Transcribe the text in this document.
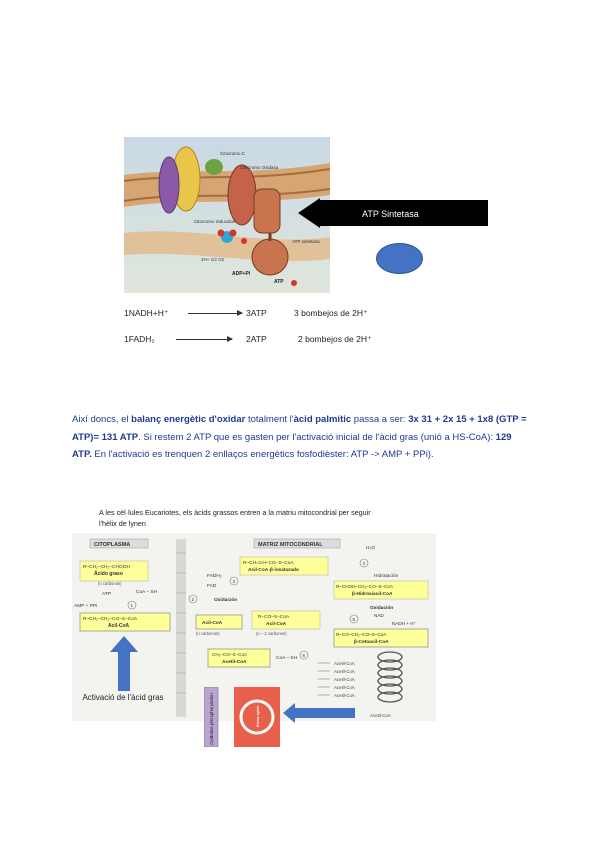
Citocromo C
Citocromo Oxidasa
Citocromo reducidos
ATP sintetasa
2H+ 1/2 O2
ADP+Pi
ATP
ATP Sintetasa
1NADH+H⁺	3ATP	3 bombejos de 2H⁺
1FADH₂	2ATP	2 bombejos de 2H⁺
Així doncs, el balanç energètic d'oxidar totalment l'àcid palmític passa a ser: 3x 31 + 2x 15 + 1x8 (GTP = ATP)= 131 ATP. Si restem 2 ATP que es gasten per l'activació inicial de l'àcid gras (unió a HS-CoA): 129 ATP. En l'activació es trenquen 2 enllaços energètics fosfodièster: ATP -> AMP + PPi).
A les cèl·lules Eucariotes, els àcids grassos entren a la matriu mitocondrial per seguir l'hèlix de lynen
CITOPLASMA	MATRIZ MITOCONDRIAL
R–CH₂–CH₂–CHOOH
Ácido graso
(n carbonos)
ATP	CoA – SH
AMP + PPi	1
R–CH₂–CH₂–CO–S–CoA
Acil-CoA
FADH₂
FAD
3
Oxidación
R–CH=CH–CO–S–CoA
Acil-CoA-β-insaturado
H₂O
4
Hidratación
R–CHOH–CH₂–CO–S–CoA
β-Hidroxiacil-CoA
Oxidación
NAD
NADH + H⁺
5
R–CO–CH₂–CO–S–CoA
β-Cetoacil-CoA
Acil-CoA
(n carbonos)
R–CO–S–CoA
Acil-CoA
(n – 2 carbonos)
CH₃–CO–S–CoA
Acetil-CoA
CoA – SH
6
Acetil-CoA
Acetil-CoA
Acetil-CoA
Acetil-CoA
Acetil-CoA
Acetil-CoA
2
Activació de l'àcid gras	Oxidative phosphorylation	Krebs cycle
